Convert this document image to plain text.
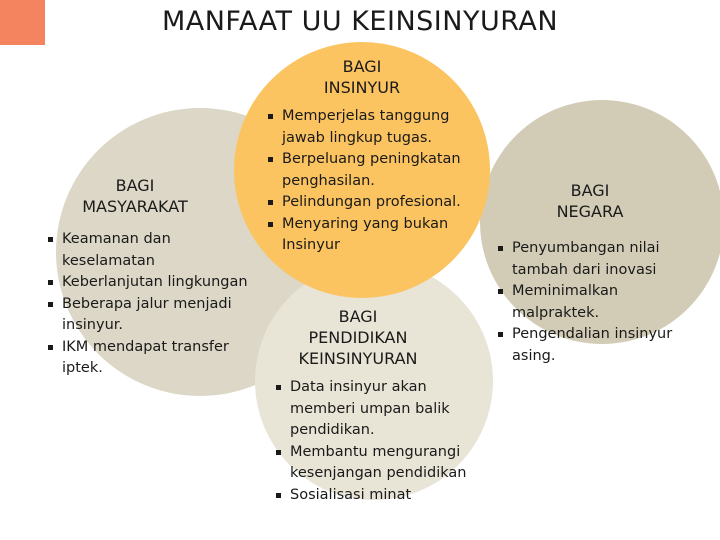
MANFAAT UU KEINSINYURAN
BAGI
INSINYUR
Memperjelas tanggung
jawab lingkup tugas.
Berpeluang peningkatan
penghasilan.
Pelindungan profesional.
Menyaring yang bukan
Insinyur
BAGI
MASYARAKAT
Keamanan dan
keselamatan
Keberlanjutan lingkungan
Beberapa jalur menjadi
insinyur.
IKM mendapat transfer
iptek.
BAGI
PENDIDIKAN
KEINSINYURAN
Data insinyur akan
memberi umpan balik
pendidikan.
Membantu mengurangi
kesenjangan pendidikan
Sosialisasi minat
BAGI
NEGARA
Penyumbangan nilai
tambah dari inovasi
Meminimalkan
malpraktek.
Pengendalian insinyur
asing.
